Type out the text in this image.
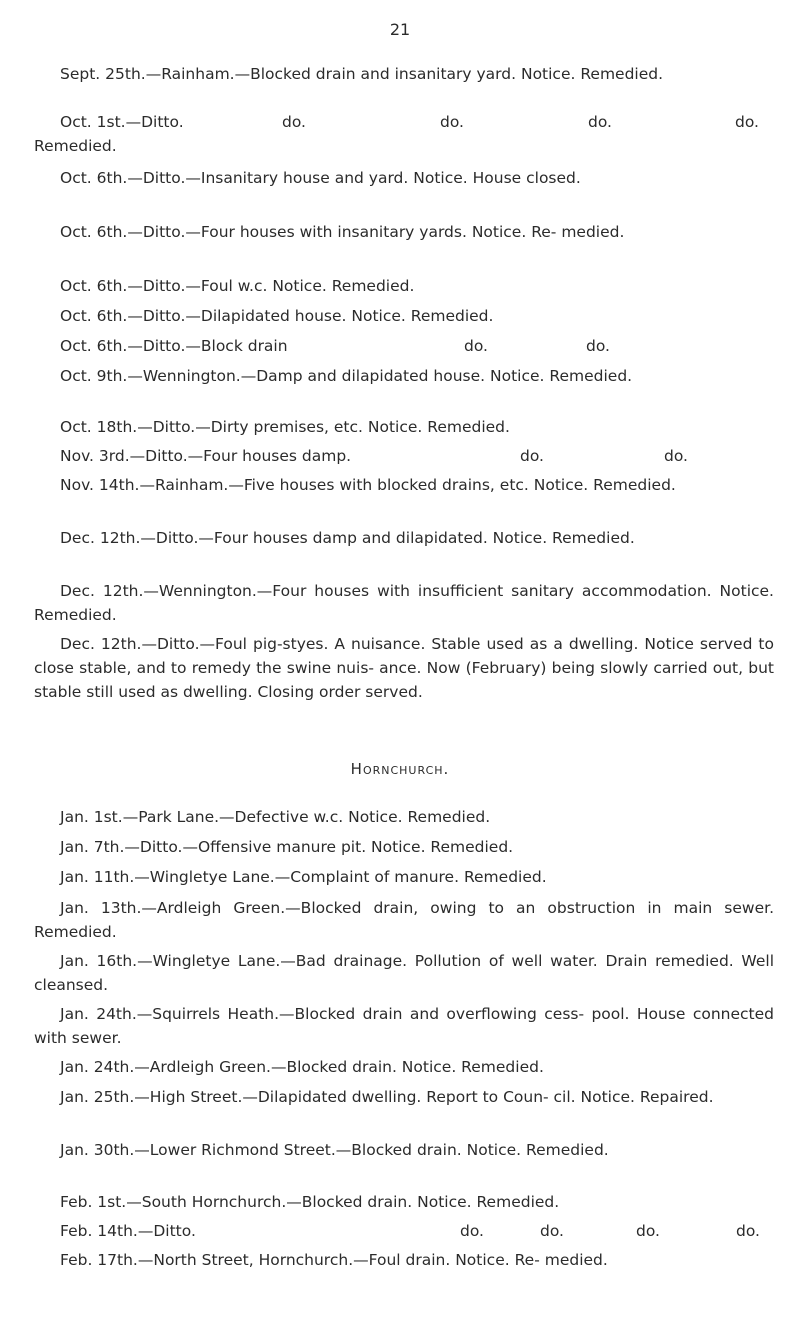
21
Sept. 25th.—Rainham.—Blocked drain and insanitary yard. Notice. Remedied.
Oct. 1st.—Ditto.	do.	do.	do.	do.
Remedied.
Oct. 6th.—Ditto.—Insanitary house and yard. Notice. House closed.
Oct. 6th.—Ditto.—Four houses with insanitary yards. Notice. Re- medied.
Oct. 6th.—Ditto.—Foul w.c. Notice. Remedied.
Oct. 6th.—Ditto.—Dilapidated house. Notice. Remedied.
Oct. 6th.—Ditto.—Block drain	do.	do.
Oct. 9th.—Wennington.—Damp and dilapidated house. Notice. Remedied.
Oct. 18th.—Ditto.—Dirty premises, etc. Notice. Remedied.
Nov. 3rd.—Ditto.—Four houses damp.	do.	do.
Nov. 14th.—Rainham.—Five houses with blocked drains, etc. Notice. Remedied.
Dec. 12th.—Ditto.—Four houses damp and dilapidated. Notice. Remedied.
Dec. 12th.—Wennington.—Four houses with insufficient sanitary accommodation. Notice. Remedied.
Dec. 12th.—Ditto.—Foul pig-styes. A nuisance. Stable used as a dwelling. Notice served to close stable, and to remedy the swine nuis- ance. Now (February) being slowly carried out, but stable still used as dwelling. Closing order served.
Hornchurch.
Jan. 1st.—Park Lane.—Defective w.c. Notice. Remedied.
Jan. 7th.—Ditto.—Offensive manure pit. Notice. Remedied.
Jan. 11th.—Wingletye Lane.—Complaint of manure. Remedied.
Jan. 13th.—Ardleigh Green.—Blocked drain, owing to an obstruction in main sewer. Remedied.
Jan. 16th.—Wingletye Lane.—Bad drainage. Pollution of well water. Drain remedied. Well cleansed.
Jan. 24th.—Squirrels Heath.—Blocked drain and overflowing cess- pool. House connected with sewer.
Jan. 24th.—Ardleigh Green.—Blocked drain. Notice. Remedied.
Jan. 25th.—High Street.—Dilapidated dwelling. Report to Coun- cil. Notice. Repaired.
Jan. 30th.—Lower Richmond Street.—Blocked drain. Notice. Remedied.
Feb. 1st.—South Hornchurch.—Blocked drain. Notice. Remedied.
Feb. 14th.—Ditto.	do.	do.	do.	do.
Feb. 17th.—North Street, Hornchurch.—Foul drain. Notice. Re- medied.
